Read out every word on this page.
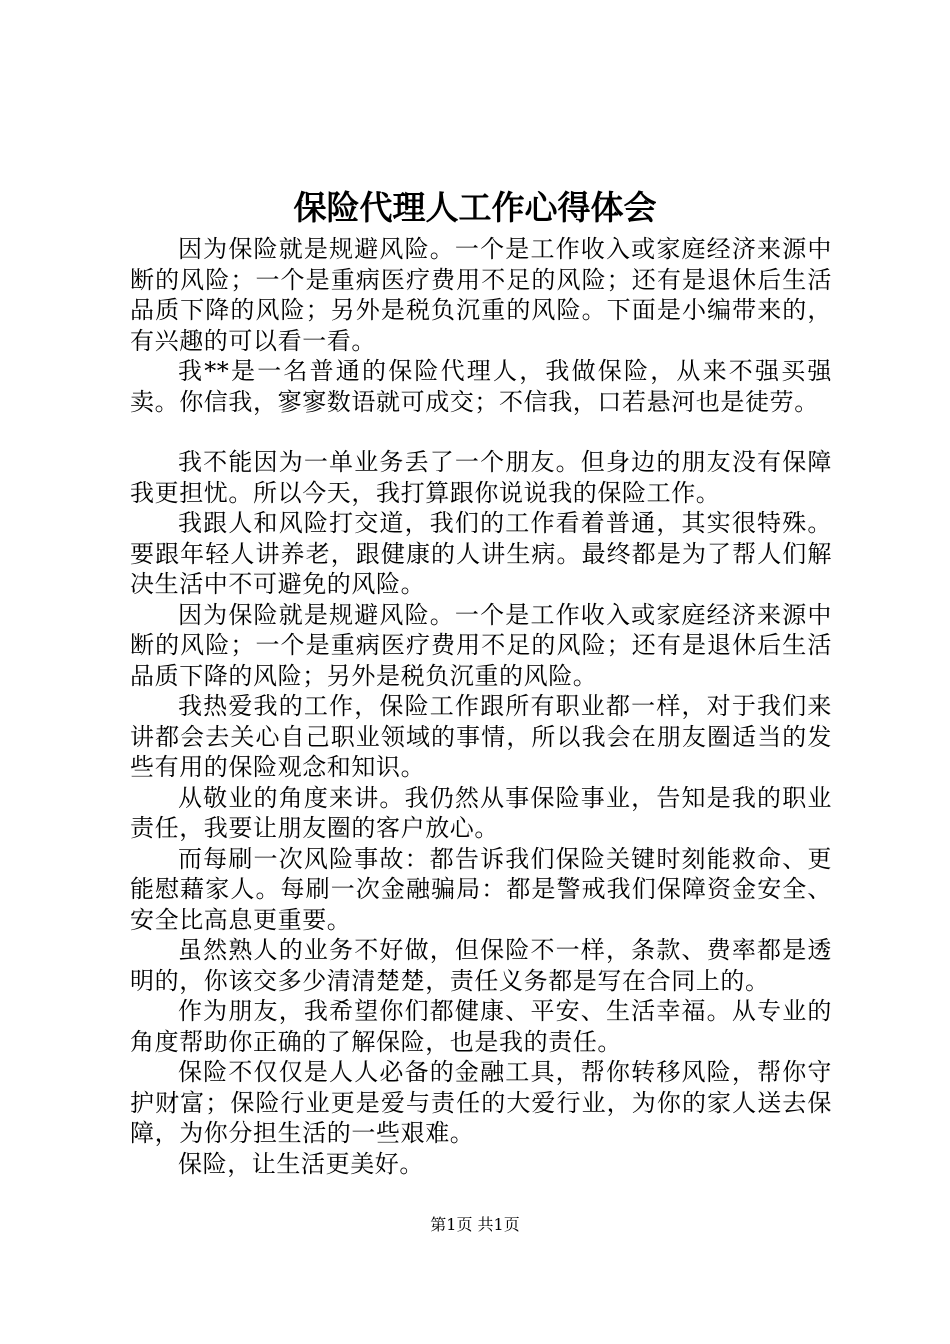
保险代理人工作心得体会

因为保险就是规避风险。一个是工作收入或家庭经济来源中断的风险；一个是重病医疗费用不足的风险；还有是退休后生活品质下降的风险；另外是税负沉重的风险。下面是小编带来的，有兴趣的可以看一看。

我**是一名普通的保险代理人，我做保险，从来不强买强卖。你信我，寥寥数语就可成交；不信我，口若悬河也是徒劳。

我不能因为一单业务丢了一个朋友。但身边的朋友没有保障我更担忧。所以今天，我打算跟你说说我的保险工作。

我跟人和风险打交道，我们的工作看着普通，其实很特殊。要跟年轻人讲养老，跟健康的人讲生病。最终都是为了帮人们解决生活中不可避免的风险。

因为保险就是规避风险。一个是工作收入或家庭经济来源中断的风险；一个是重病医疗费用不足的风险；还有是退休后生活品质下降的风险；另外是税负沉重的风险。

我热爱我的工作，保险工作跟所有职业都一样，对于我们来讲都会去关心自己职业领域的事情，所以我会在朋友圈适当的发些有用的保险观念和知识。

从敬业的角度来讲。我仍然从事保险事业，告知是我的职业责任，我要让朋友圈的客户放心。

而每刷一次风险事故：都告诉我们保险关键时刻能救命、更能慰藉家人。每刷一次金融骗局：都是警戒我们保障资金安全、安全比高息更重要。

虽然熟人的业务不好做，但保险不一样，条款、费率都是透明的，你该交多少清清楚楚，责任义务都是写在合同上的。

作为朋友，我希望你们都健康、平安、生活幸福。从专业的角度帮助你正确的了解保险，也是我的责任。

保险不仅仅是人人必备的金融工具，帮你转移风险，帮你守护财富；保险行业更是爱与责任的大爱行业，为你的家人送去保障，为你分担生活的一些艰难。

保险，让生活更美好。

第1页 共1页
